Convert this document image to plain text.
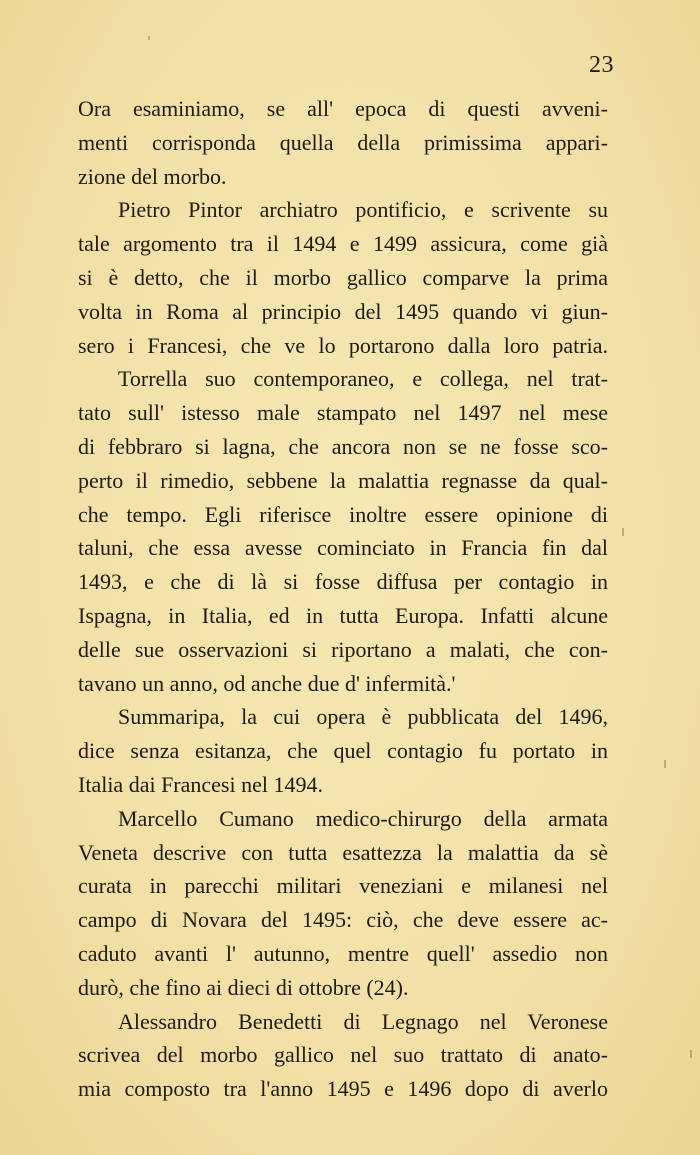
23
Ora esaminiamo, se all' epoca di questi avveni-
menti corrisponda quella della primissima appari-
zione del morbo.
Pietro Pintor archiatro pontificio, e scrivente su
tale argomento tra il 1494 e 1499 assicura, come già
si è detto, che il morbo gallico comparve la prima
volta in Roma al principio del 1495 quando vi giun-
sero i Francesi, che ve lo portarono dalla loro patria.
Torrella suo contemporaneo, e collega, nel trat-
tato sull' istesso male stampato nel 1497 nel mese
di febbraro si lagna, che ancora non se ne fosse sco-
perto il rimedio, sebbene la malattia regnasse da qual-
che tempo. Egli riferisce inoltre essere opinione di
taluni, che essa avesse cominciato in Francia fin dal
1493, e che di là si fosse diffusa per contagio in
Ispagna, in Italia, ed in tutta Europa. Infatti alcune
delle sue osservazioni si riportano a malati, che con-
tavano un anno, od anche due d' infermità.'
Summaripa, la cui opera è pubblicata del 1496,
dice senza esitanza, che quel contagio fu portato in
Italia dai Francesi nel 1494.
Marcello Cumano medico-chirurgo della armata
Veneta descrive con tutta esattezza la malattia da sè
curata in parecchi militari veneziani e milanesi nel
campo di Novara del 1495: ciò, che deve essere ac-
caduto avanti l' autunno, mentre quell' assedio non
durò, che fino ai dieci di ottobre (24).
Alessandro Benedetti di Legnago nel Veronese
scrivea del morbo gallico nel suo trattato di anato-
mia composto tra l'anno 1495 e 1496 dopo di averlo
